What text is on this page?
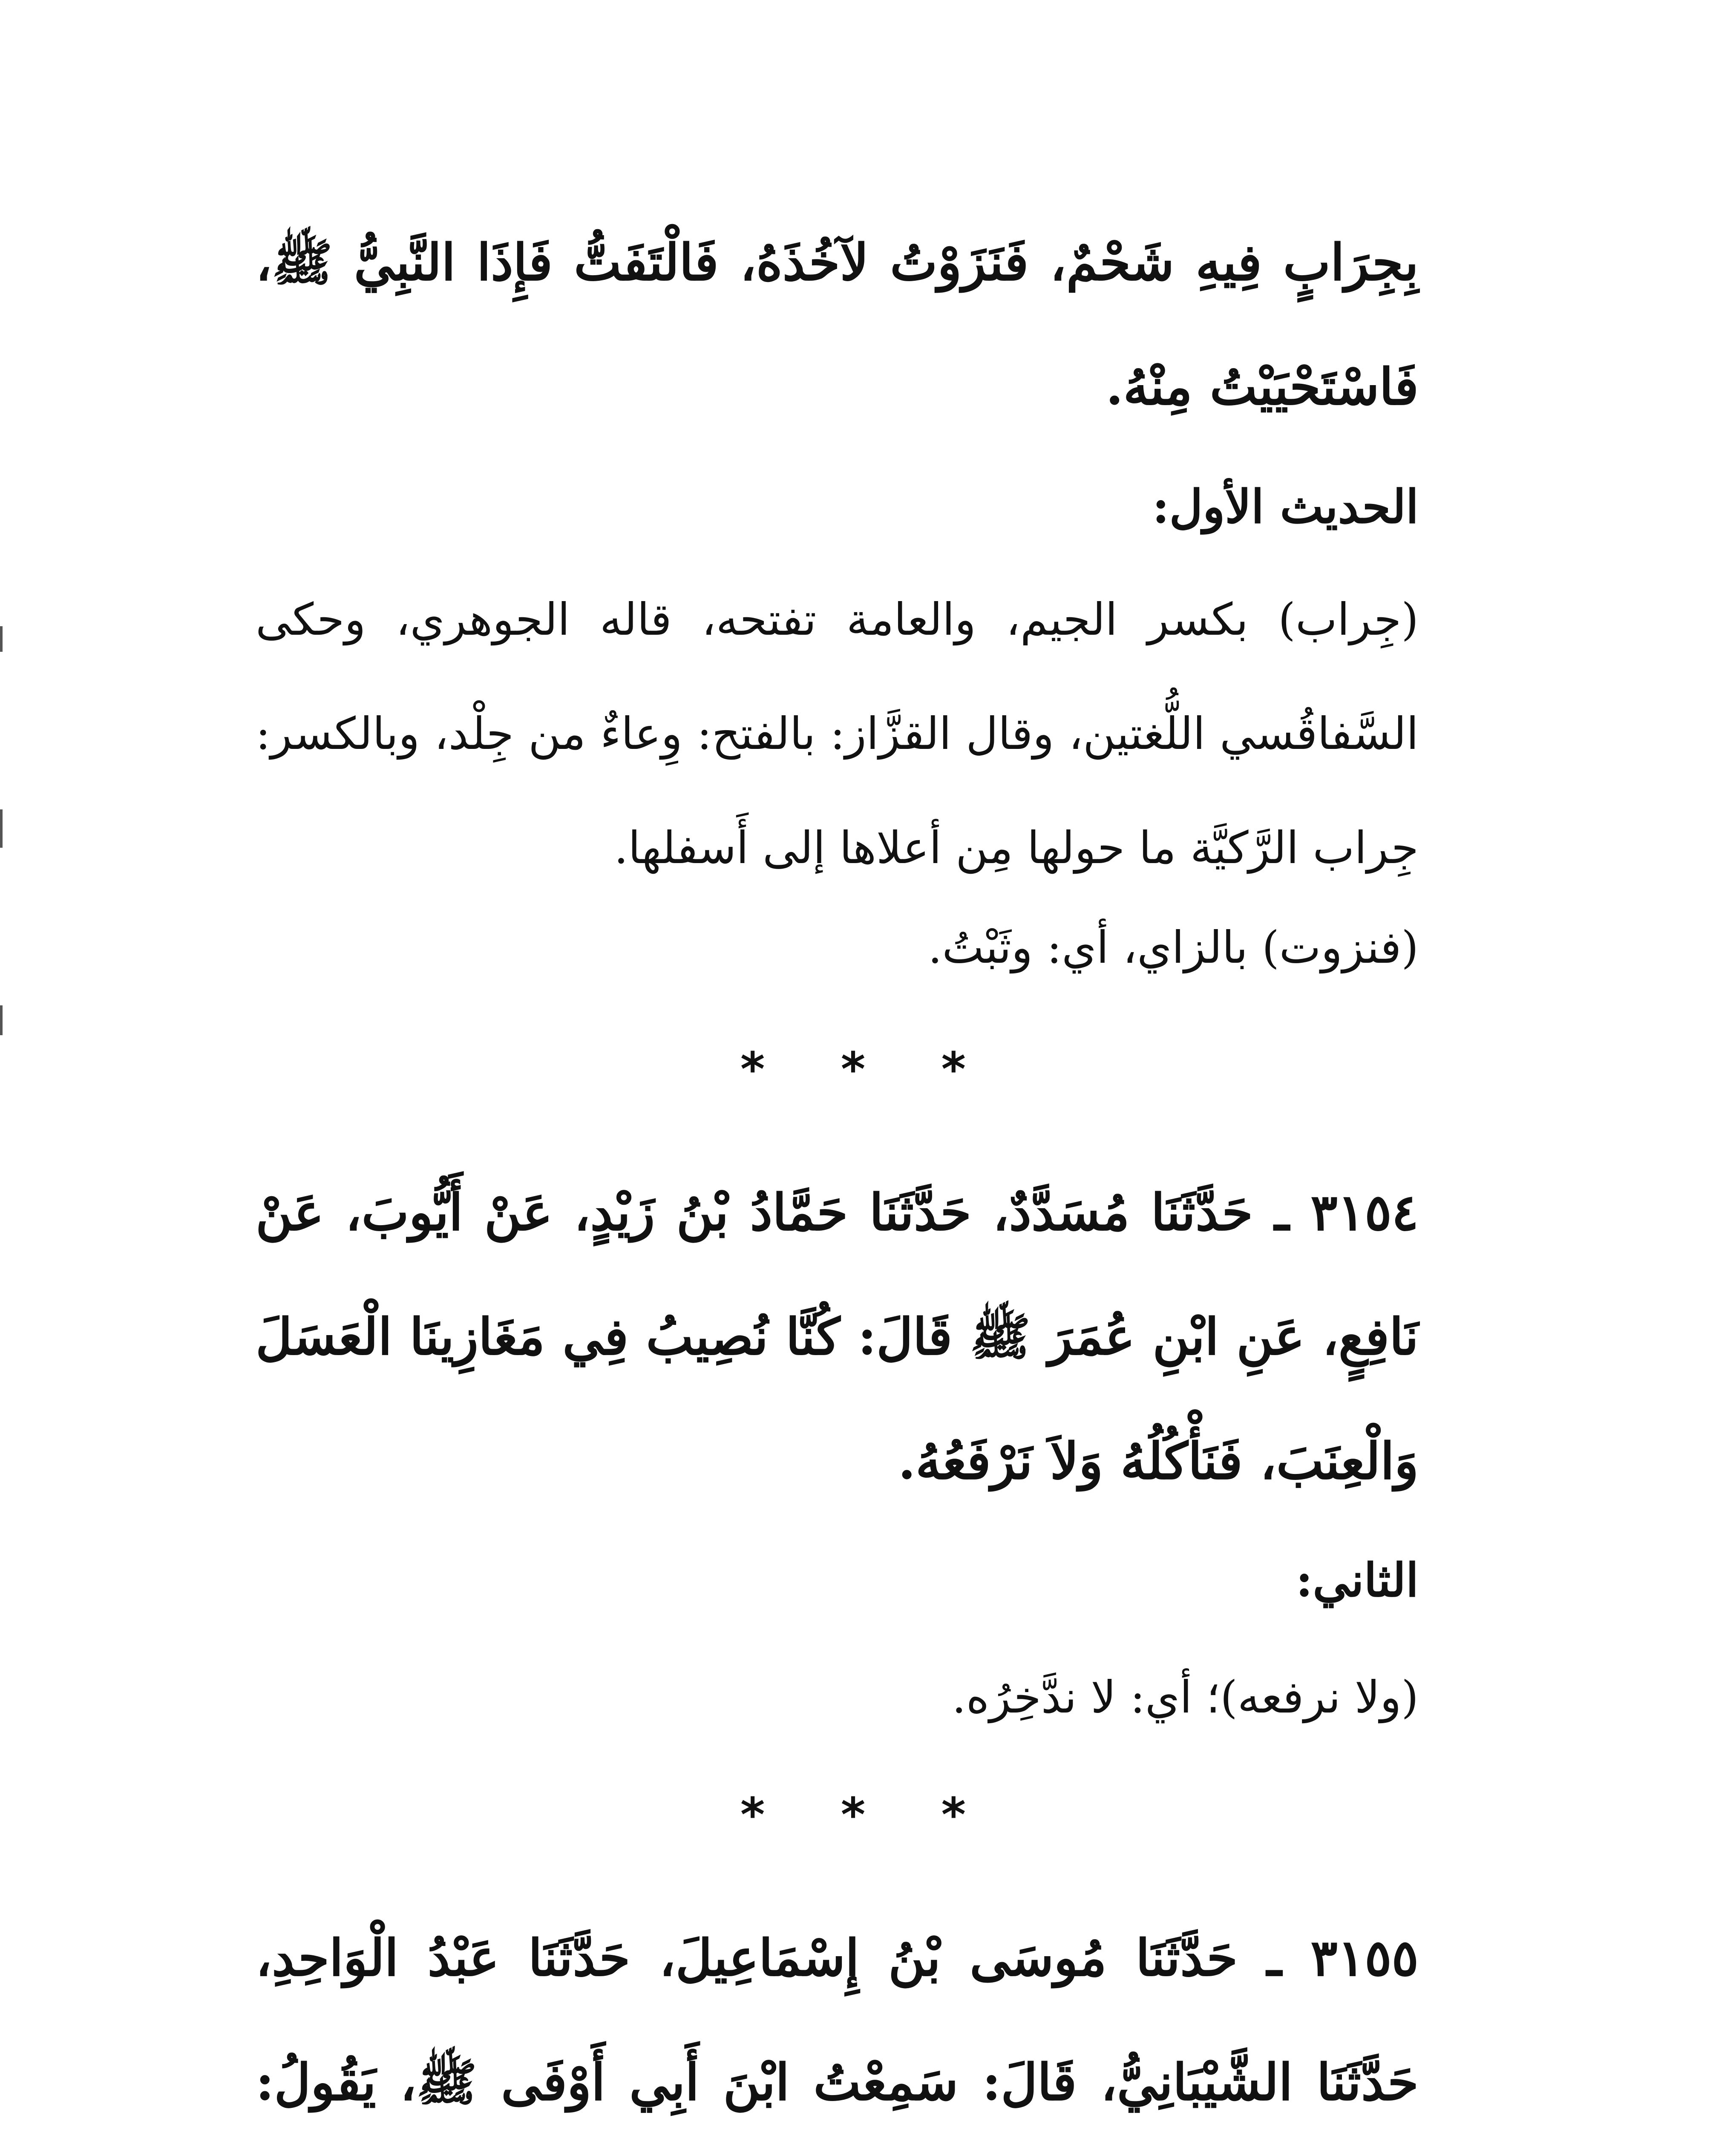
بِجِرَابٍ فِيهِ شَحْمٌ، فَنَزَوْتُ لآخُذَهُ، فَالْتَفَتُّ فَإِذَا النَّبِيُّ ﷺ، فَاسْتَحْيَيْتُ مِنْهُ.

الحديث الأول:

(جِراب) بكسر الجيم، والعامة تفتحه، قاله الجوهري، وحكى السَّفاقُسي اللُّغتين، وقال القزَّاز: بالفتح: وِعاءٌ من جِلْد، وبالكسر: جِراب الرَّكيَّة ما حولها مِن أعلاها إلى أَسفلها.

(فنزوت) بالزاي، أي: وثَبْتُ.

* * *

٣١٥٤ ـ حَدَّثَنَا مُسَدَّدٌ، حَدَّثَنَا حَمَّادُ بْنُ زَيْدٍ، عَنْ أَيُّوبَ، عَنْ نَافِعٍ، عَنِ ابْنِ عُمَرَ ﷺ قَالَ: كُنَّا نُصِيبُ فِي مَغَازِينَا الْعَسَلَ وَالْعِنَبَ، فَنَأْكُلُهُ وَلاَ نَرْفَعُهُ.

الثاني:

(ولا نرفعه)؛ أي: لا ندَّخِرُه.

* * *

٣١٥٥ ـ حَدَّثَنَا مُوسَى بْنُ إِسْمَاعِيلَ، حَدَّثَنَا عَبْدُ الْوَاحِدِ، حَدَّثَنَا الشَّيْبَانِيُّ، قَالَ: سَمِعْتُ ابْنَ أَبِي أَوْفَى ﷺ، يَقُولُ:
